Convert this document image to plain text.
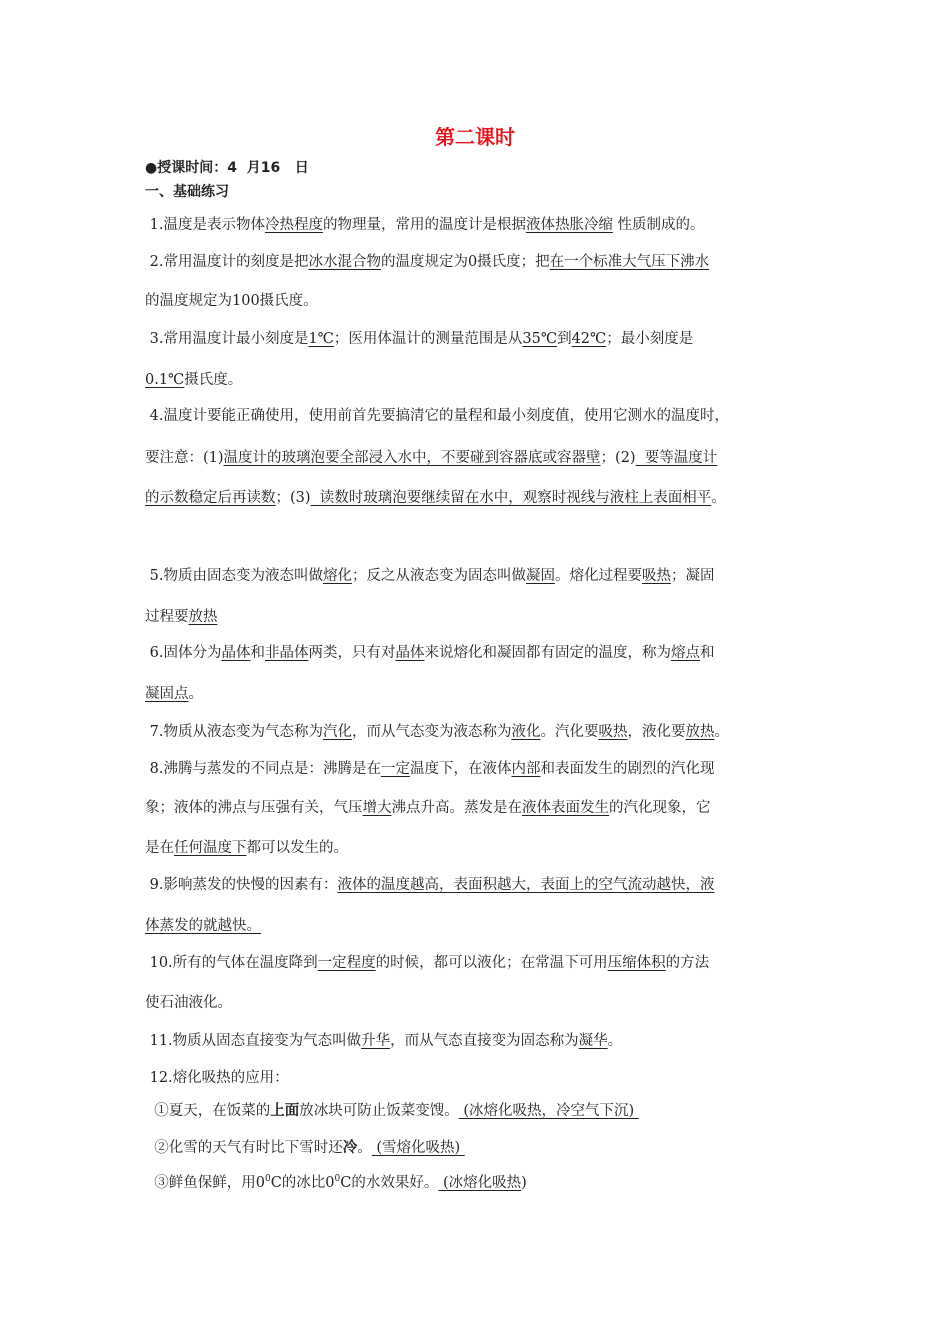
第二课时
●授课时间：4  月16   日
一、基础练习
1.温度是表示物体冷热程度的物理量，常用的温度计是根据液体热胀冷缩 性质制成的。
2.常用温度计的刻度是把冰水混合物的温度规定为0摄氏度；把在一个标准大气压下沸水
的温度规定为100摄氏度。
3.常用温度计最小刻度是1℃；医用体温计的测量范围是从35℃到42℃；最小刻度是
0.1℃摄氏度。
4.温度计要能正确使用，使用前首先要搞清它的量程和最小刻度值，使用它测水的温度时，
要注意：(1)温度计的玻璃泡要全部浸入水中，不要碰到容器底或容器壁；(2)  要等温度计
的示数稳定后再读数；(3)  读数时玻璃泡要继续留在水中，观察时视线与液柱上表面相平。
5.物质由固态变为液态叫做熔化；反之从液态变为固态叫做凝固。熔化过程要吸热；凝固
过程要放热
6.固体分为晶体和非晶体两类，只有对晶体来说熔化和凝固都有固定的温度，称为熔点和
凝固点。
7.物质从液态变为气态称为汽化，而从气态变为液态称为液化。汽化要吸热，液化要放热。
8.沸腾与蒸发的不同点是：沸腾是在一定温度下，在液体内部和表面发生的剧烈的汽化现
象；液体的沸点与压强有关，气压增大沸点升高。蒸发是在液体表面发生的汽化现象，它
是在任何温度下都可以发生的。
9.影响蒸发的快慢的因素有：液体的温度越高，表面积越大，表面上的空气流动越快，液
体蒸发的就越快。
10.所有的气体在温度降到一定程度的时候，都可以液化；在常温下可用压缩体积的方法
使石油液化。
11.物质从固态直接变为气态叫做升华，而从气态直接变为固态称为凝华。
12.熔化吸热的应用：
①夏天，在饭菜的上面放冰块可防止饭菜变馊。 (冰熔化吸热，冷空气下沉)
②化雪的天气有时比下雪时还冷。 (雪熔化吸热)
③鲜鱼保鲜，用$0^0C$的冰比$0^0C$的水效果好。 (冰熔化吸热)
